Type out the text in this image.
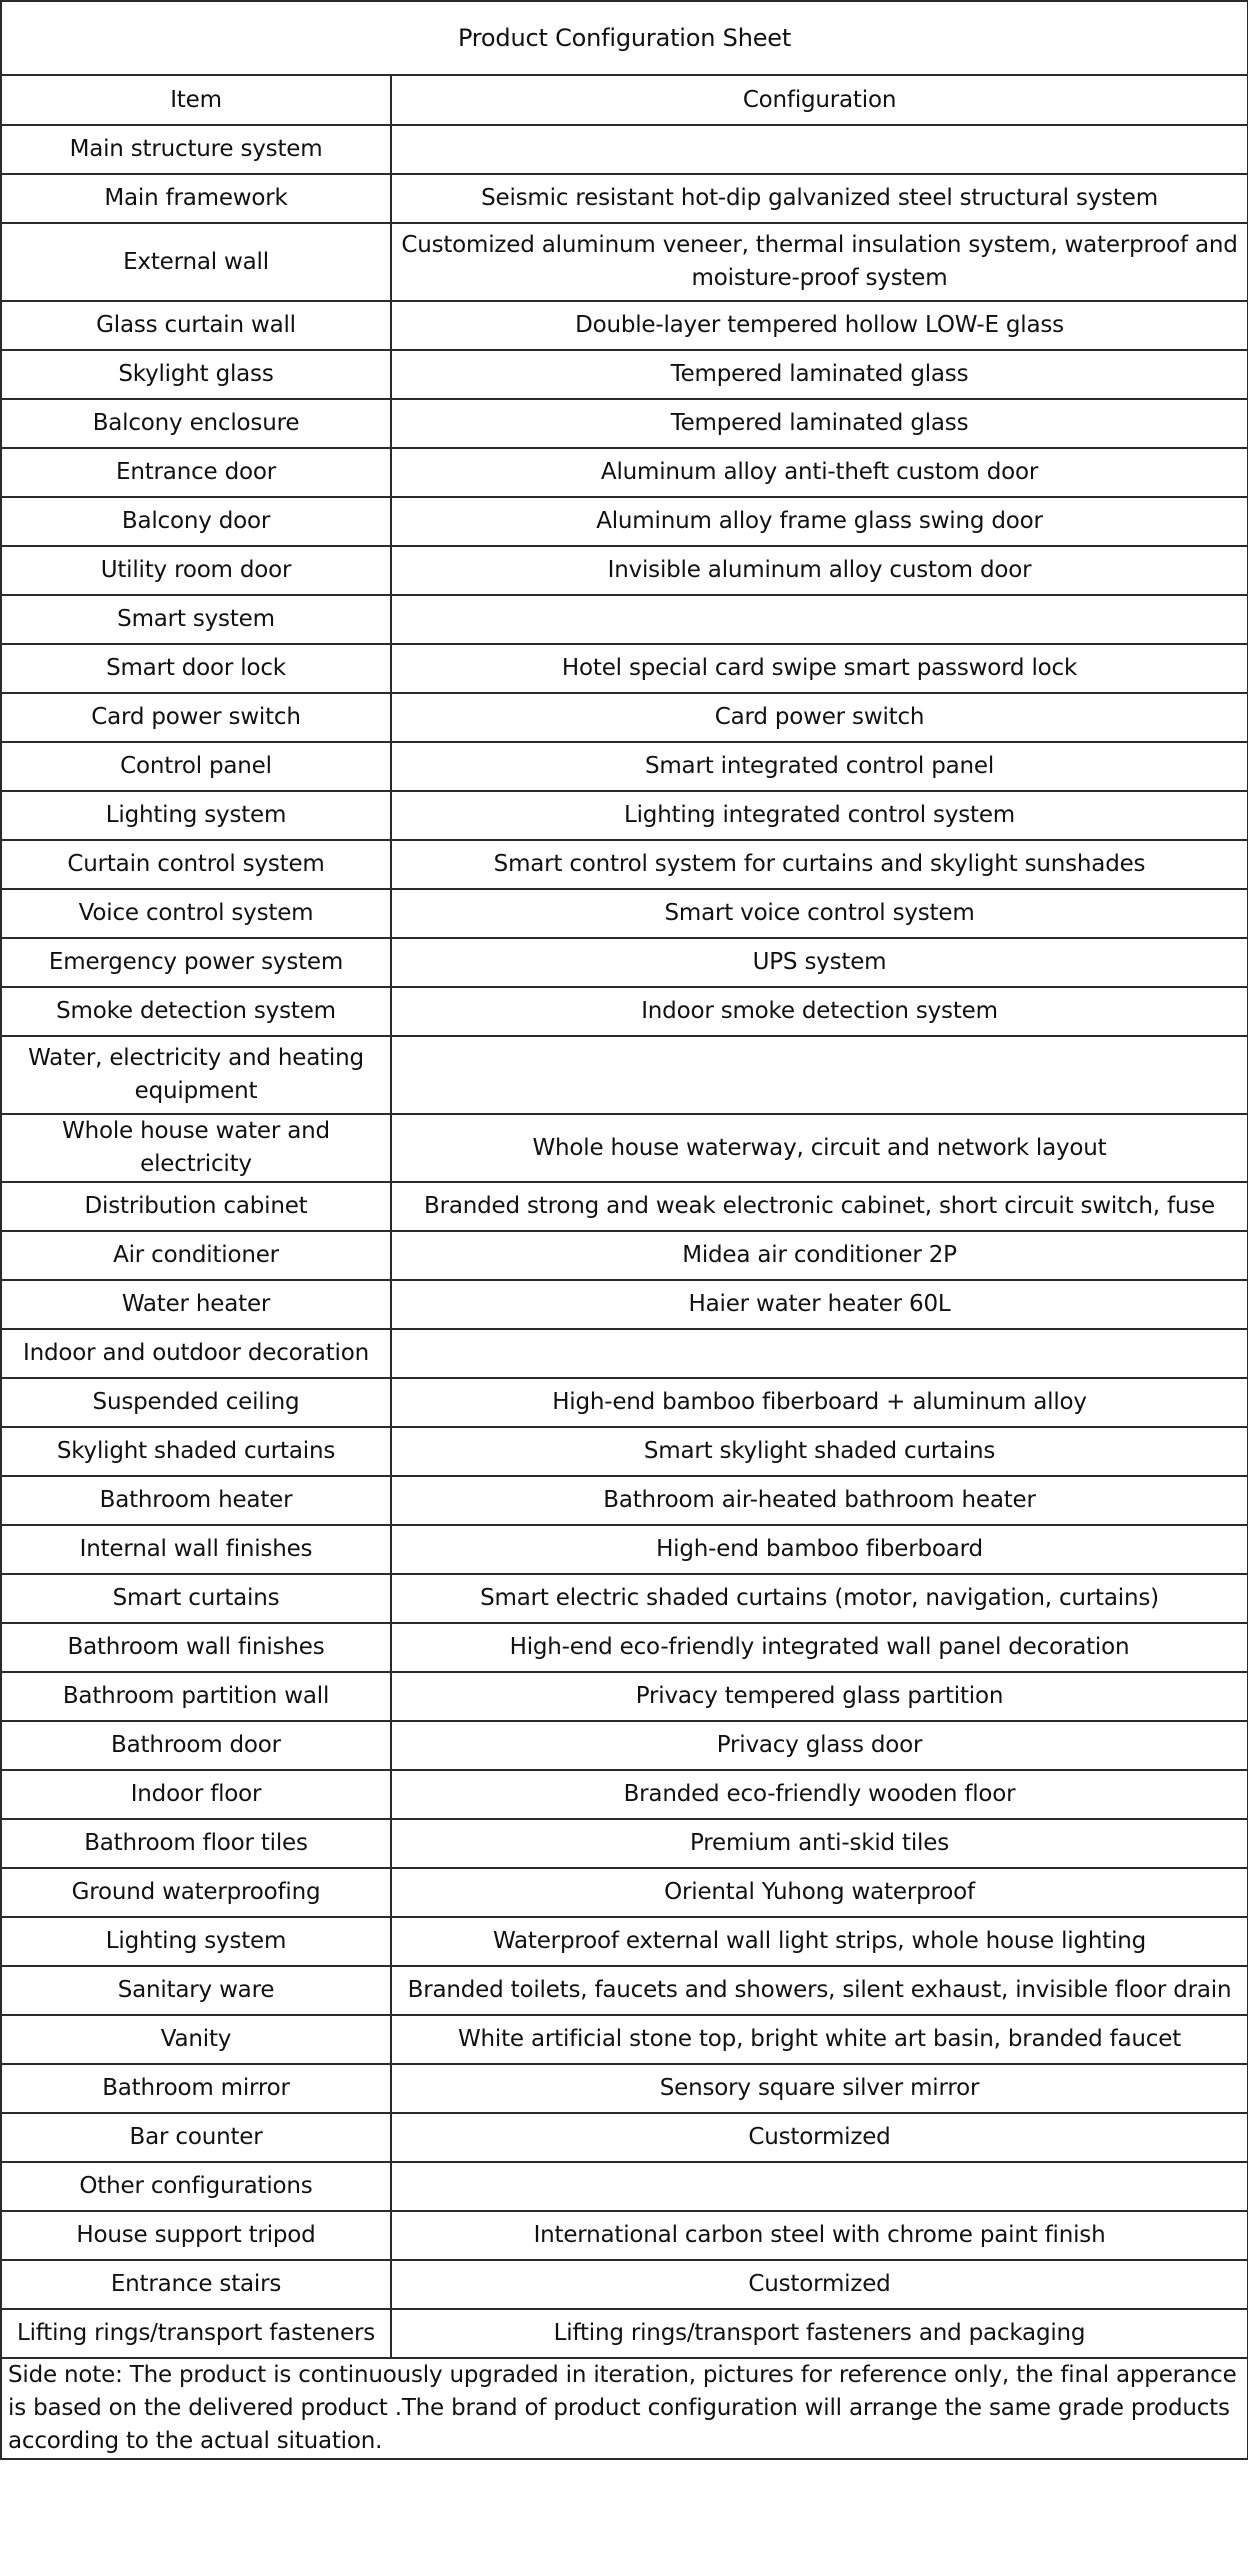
Product Configuration Sheet	
Item	Configuration
Main structure system	
Main framework	Seismic resistant hot-dip galvanized steel structural system
External wall	Customized aluminum veneer, thermal insulation system, waterproof and moisture-proof system
Glass curtain wall	Double-layer tempered hollow LOW-E glass
Skylight glass	Tempered laminated glass
Balcony enclosure	Tempered laminated glass
Entrance door	Aluminum alloy anti-theft custom door
Balcony door	Aluminum alloy frame glass swing door
Utility room door	Invisible aluminum alloy custom door
Smart system	
Smart door lock	Hotel special card swipe smart password lock
Card power switch	Card power switch
Control panel	Smart integrated control panel
Lighting system	Lighting integrated control system
Curtain control system	Smart control system for curtains and skylight sunshades
Voice control system	Smart voice control system
Emergency power system	UPS system
Smoke detection system	Indoor smoke detection system
Water, electricity and heating equipment	
Whole house water and electricity	Whole house waterway, circuit and network layout
Distribution cabinet	Branded strong and weak electronic cabinet, short circuit switch, fuse
Air conditioner	Midea air conditioner 2P
Water heater	Haier water heater 60L
Indoor and outdoor decoration	
Suspended ceiling	High-end bamboo fiberboard + aluminum alloy
Skylight shaded curtains	Smart skylight shaded curtains
Bathroom heater	Bathroom air-heated bathroom heater
Internal wall finishes	High-end bamboo fiberboard
Smart curtains	Smart electric shaded curtains (motor, navigation, curtains)
Bathroom wall finishes	High-end eco-friendly integrated wall panel decoration
Bathroom partition wall	Privacy tempered glass partition
Bathroom door	Privacy glass door
Indoor floor	Branded eco-friendly wooden floor
Bathroom floor tiles	Premium anti-skid tiles
Ground waterproofing	Oriental Yuhong waterproof
Lighting system	Waterproof external wall light strips, whole house lighting
Sanitary ware	Branded toilets, faucets and showers, silent exhaust, invisible floor drain
Vanity	White artificial stone top, bright white art basin, branded faucet
Bathroom mirror	Sensory square silver mirror
Bar counter	Custormized
Other configurations	
House support tripod	International carbon steel with chrome paint finish
Entrance stairs	Custormized
Lifting rings/transport fasteners	Lifting rings/transport fasteners and packaging
Side note: The product is continuously upgraded in iteration, pictures for reference only, the final apperance is based on the delivered product .The brand of product configuration will arrange the same grade products according to the actual situation.	
